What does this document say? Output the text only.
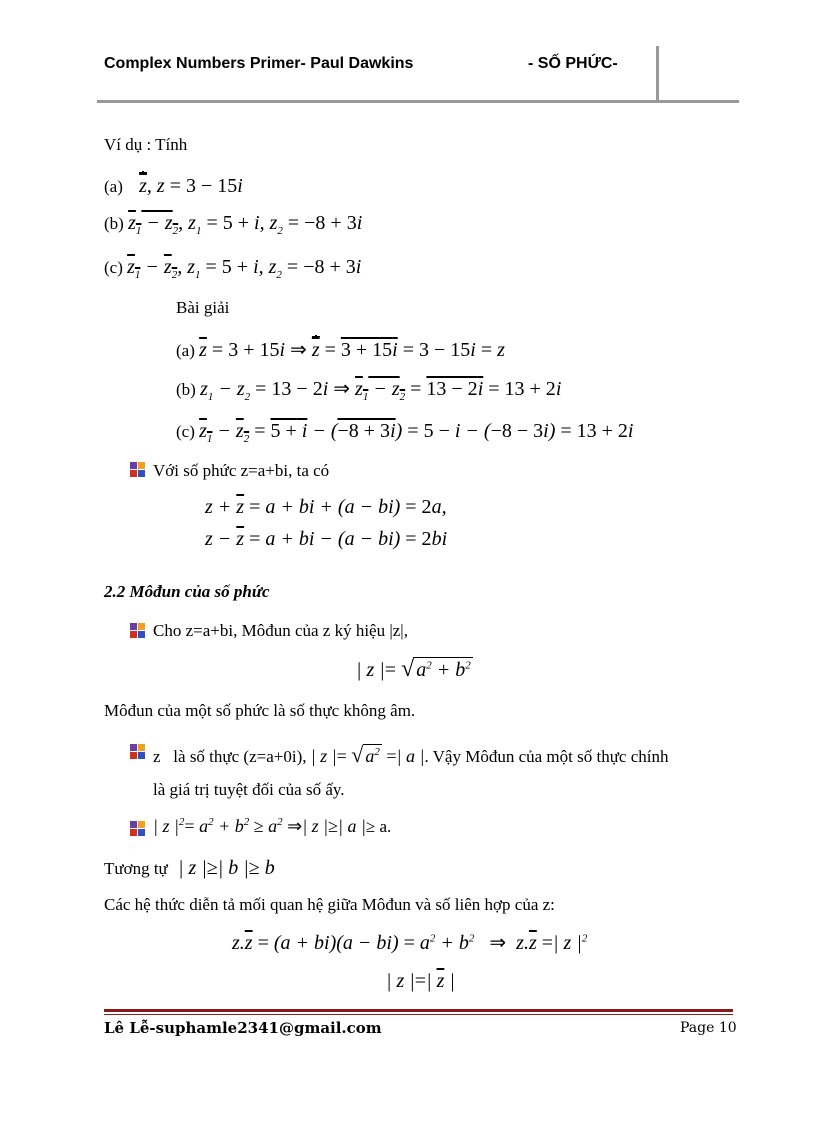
Complex Numbers Primer- Paul Dawkins	- SỐ PHỨC-
Ví dụ : Tính
(a) $\overline{z}$, z = 3 − 15i
(b) $z_1 - z_2$, $z_1 = 5 + i$, $z_2 = -8 + 3i$
(c) $z_1 - z_2$, $z_1 = 5 + i$, $z_2 = -8 + 3i$
Bài giải
(a) $\overline{z} = 3 + 15i$ ⇒ $\overline{z} = 3 + 15i = 3 - 15i = z$
(b) $z_1 - z_2 = 13 - 2i$ ⇒ $z_1 - z_2 = 13 - 2i = 13 + 2i$
(c) $z_1 - z_2 = 5 + i - (-8 + 3i) = 5 - i - (-8 - 3i) = 13 + 2i$
Với số phức z=a+bi, ta có
$z + \overline{z} = a$ + bi + (a − bi) = 2a,
$z - \overline{z} = a$ + bi − (a − bi) = 2bi
2.2 Môđun của số phức
Cho z=a+bi, Môđun của z ký hiệu |z|,
| z |= √ $a^2 + b^2$
Môđun của một số phức là số thực không âm.
z là số thực (z=a+0i), | z |= √ $a^2$ =| a |. Vậy Môđun của một số thực chính
là giá trị tuyệt đối của số ấy.
| z $|^2= a^2 + b^2 \ge a^2$ ⇒| z |≥| a |≥ a.
Tương tự | z |≥| b |≥ b
Các hệ thức diễn tả mối quan hệ giữa Môđun và số liên hợp của z:
$z.\overline{z} = (a + bi)(a - bi) = a^2 + b^2$ ⇒  $z.\overline{z}$ =| z $|^2$
| z |=| $\overline{z}$ |
Lê Lễ-suphamle2341@gmail.com	Page 10
